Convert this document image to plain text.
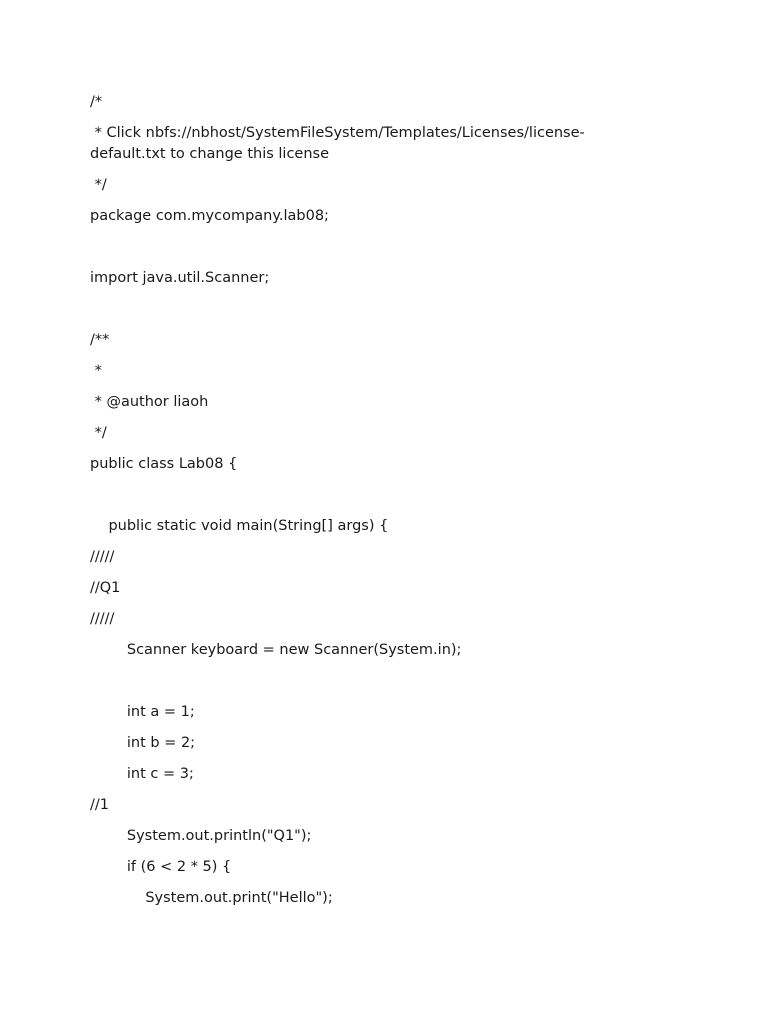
/*
* Click nbfs://nbhost/SystemFileSystem/Templates/Licenses/license-default.txt to change this license
*/
package com.mycompany.lab08;
import java.util.Scanner;
/**
*
* @author liaoh
*/
public class Lab08 {
public static void main(String[] args) {
/////
//Q1
/////
Scanner keyboard = new Scanner(System.in);
int a = 1;
int b = 2;
int c = 3;
//1
System.out.println("Q1");
if (6 < 2 * 5) {
System.out.print("Hello");
